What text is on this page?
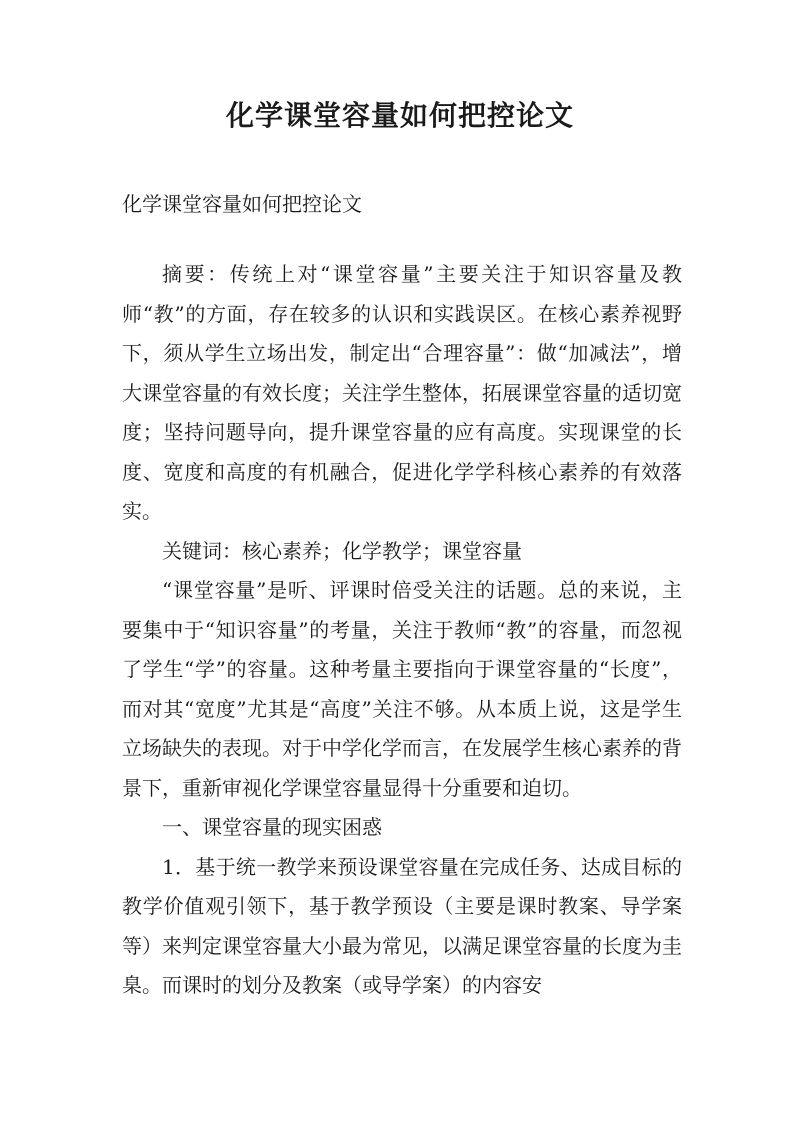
化学课堂容量如何把控论文
化学课堂容量如何把控论文

摘要：传统上对“课堂容量”主要关注于知识容量及教师“教”的方面，存在较多的认识和实践误区。在核心素养视野下，须从学生立场出发，制定出“合理容量”：做“加减法”，增大课堂容量的有效长度；关注学生整体，拓展课堂容量的适切宽度；坚持问题导向，提升课堂容量的应有高度。实现课堂的长度、宽度和高度的有机融合，促进化学学科核心素养的有效落实。

关键词：核心素养；化学教学；课堂容量

“课堂容量”是听、评课时倍受关注的话题。总的来说，主要集中于“知识容量”的考量，关注于教师“教”的容量，而忽视了学生“学”的容量。这种考量主要指向于课堂容量的“长度”，而对其“宽度”尤其是“高度”关注不够。从本质上说，这是学生立场缺失的表现。对于中学化学而言，在发展学生核心素养的背景下，重新审视化学课堂容量显得十分重要和迫切。

一、课堂容量的现实困惑

1．基于统一教学来预设课堂容量在完成任务、达成目标的教学价值观引领下，基于教学预设（主要是课时教案、导学案等）来判定课堂容量大小最为常见，以满足课堂容量的长度为圭臬。而课时的划分及教案（或导学案）的内容安
